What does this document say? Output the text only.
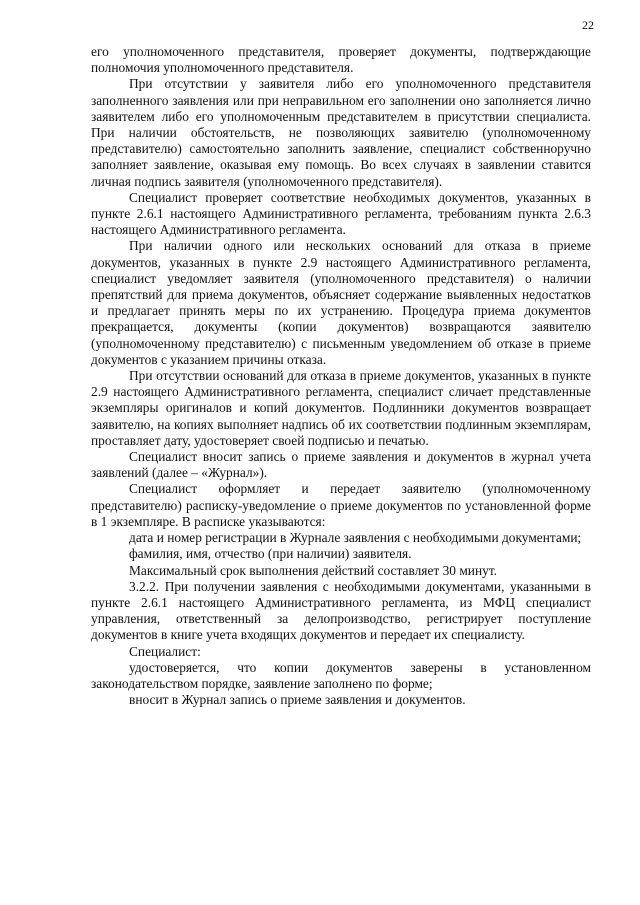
22

его уполномоченного представителя, проверяет документы, подтверждающие полномочия уполномоченного представителя.

При отсутствии у заявителя либо его уполномоченного представителя заполненного заявления или при неправильном его заполнении оно заполняется лично заявителем либо его уполномоченным представителем в присутствии специалиста. При наличии обстоятельств, не позволяющих заявителю (уполномоченному представителю) самостоятельно заполнить заявление, специалист собственноручно заполняет заявление, оказывая ему помощь. Во всех случаях в заявлении ставится личная подпись заявителя (уполномоченного представителя).

Специалист проверяет соответствие необходимых документов, указанных в пункте 2.6.1 настоящего Административного регламента, требованиям пункта 2.6.3 настоящего Административного регламента.

При наличии одного или нескольких оснований для отказа в приеме документов, указанных в пункте 2.9 настоящего Административного регламента, специалист уведомляет заявителя (уполномоченного представителя) о наличии препятствий для приема документов, объясняет содержание выявленных недостатков и предлагает принять меры по их устранению. Процедура приема документов прекращается, документы (копии документов) возвращаются заявителю (уполномоченному представителю) с письменным уведомлением об отказе в приеме документов с указанием причины отказа.

При отсутствии оснований для отказа в приеме документов, указанных в пункте 2.9 настоящего Административного регламента, специалист сличает представленные экземпляры оригиналов и копий документов. Подлинники документов возвращает заявителю, на копиях выполняет надпись об их соответствии подлинным экземплярам, проставляет дату, удостоверяет своей подписью и печатью.

Специалист вносит запись о приеме заявления и документов в журнал учета заявлений (далее – «Журнал»).

Специалист оформляет и передает заявителю (уполномоченному представителю) расписку-уведомление о приеме документов по установленной форме в 1 экземпляре. В расписке указываются:

дата и номер регистрации в Журнале заявления с необходимыми документами;

фамилия, имя, отчество (при наличии) заявителя.

Максимальный срок выполнения действий составляет 30 минут.

3.2.2. При получении заявления с необходимыми документами, указанными в пункте 2.6.1 настоящего Административного регламента, из МФЦ специалист управления, ответственный за делопроизводство, регистрирует поступление документов в книге учета входящих документов и передает их специалисту.

Специалист:

удостоверяется, что копии документов заверены в установленном законодательством порядке, заявление заполнено по форме;

вносит в Журнал запись о приеме заявления и документов.
